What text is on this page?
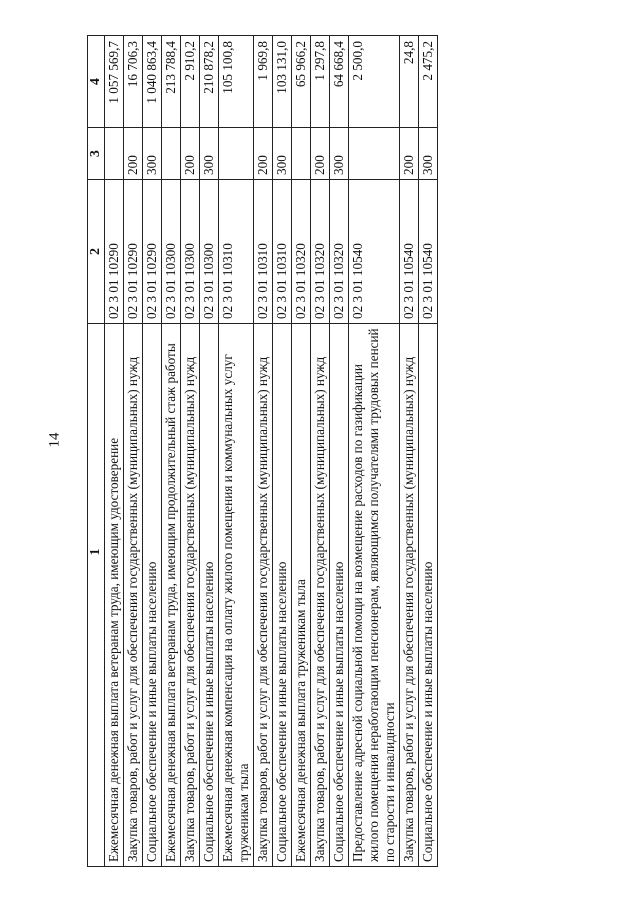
14
1	2	3	4
Ежемесячная денежная выплата ветеранам труда, имеющим удостоверение	02 3 01 10290		1 057 569,7
Закупка товаров, работ и услуг для обеспечения государственных (муниципальных) нужд	02 3 01 10290	200	16 706,3
Социальное обеспечение и иные выплаты населению	02 3 01 10290	300	1 040 863,4
Ежемесячная денежная выплата ветеранам труда, имеющим продолжительный стаж работы	02 3 01 10300		213 788,4
Закупка товаров, работ и услуг для обеспечения государственных (муниципальных) нужд	02 3 01 10300	200	2 910,2
Социальное обеспечение и иные выплаты населению	02 3 01 10300	300	210 878,2
Ежемесячная денежная компенсация на оплату жилого помещения и коммунальных услуг труженикам тыла	02 3 01 10310		105 100,8
Закупка товаров, работ и услуг для обеспечения государственных (муниципальных) нужд	02 3 01 10310	200	1 969,8
Социальное обеспечение и иные выплаты населению	02 3 01 10310	300	103 131,0
Ежемесячная денежная выплата труженикам тыла	02 3 01 10320		65 966,2
Закупка товаров, работ и услуг для обеспечения государственных (муниципальных) нужд	02 3 01 10320	200	1 297,8
Социальное обеспечение и иные выплаты населению	02 3 01 10320	300	64 668,4
Предоставление адресной социальной помощи на возмещение расходов по газификации жилого помещения неработающим пенсионерам, являющимся получателями трудовых пенсий по старости и инвалидности	02 3 01 10540		2 500,0
Закупка товаров, работ и услуг для обеспечения государственных (муниципальных) нужд	02 3 01 10540	200	24,8
Социальное обеспечение и иные выплаты населению	02 3 01 10540	300	2 475,2
